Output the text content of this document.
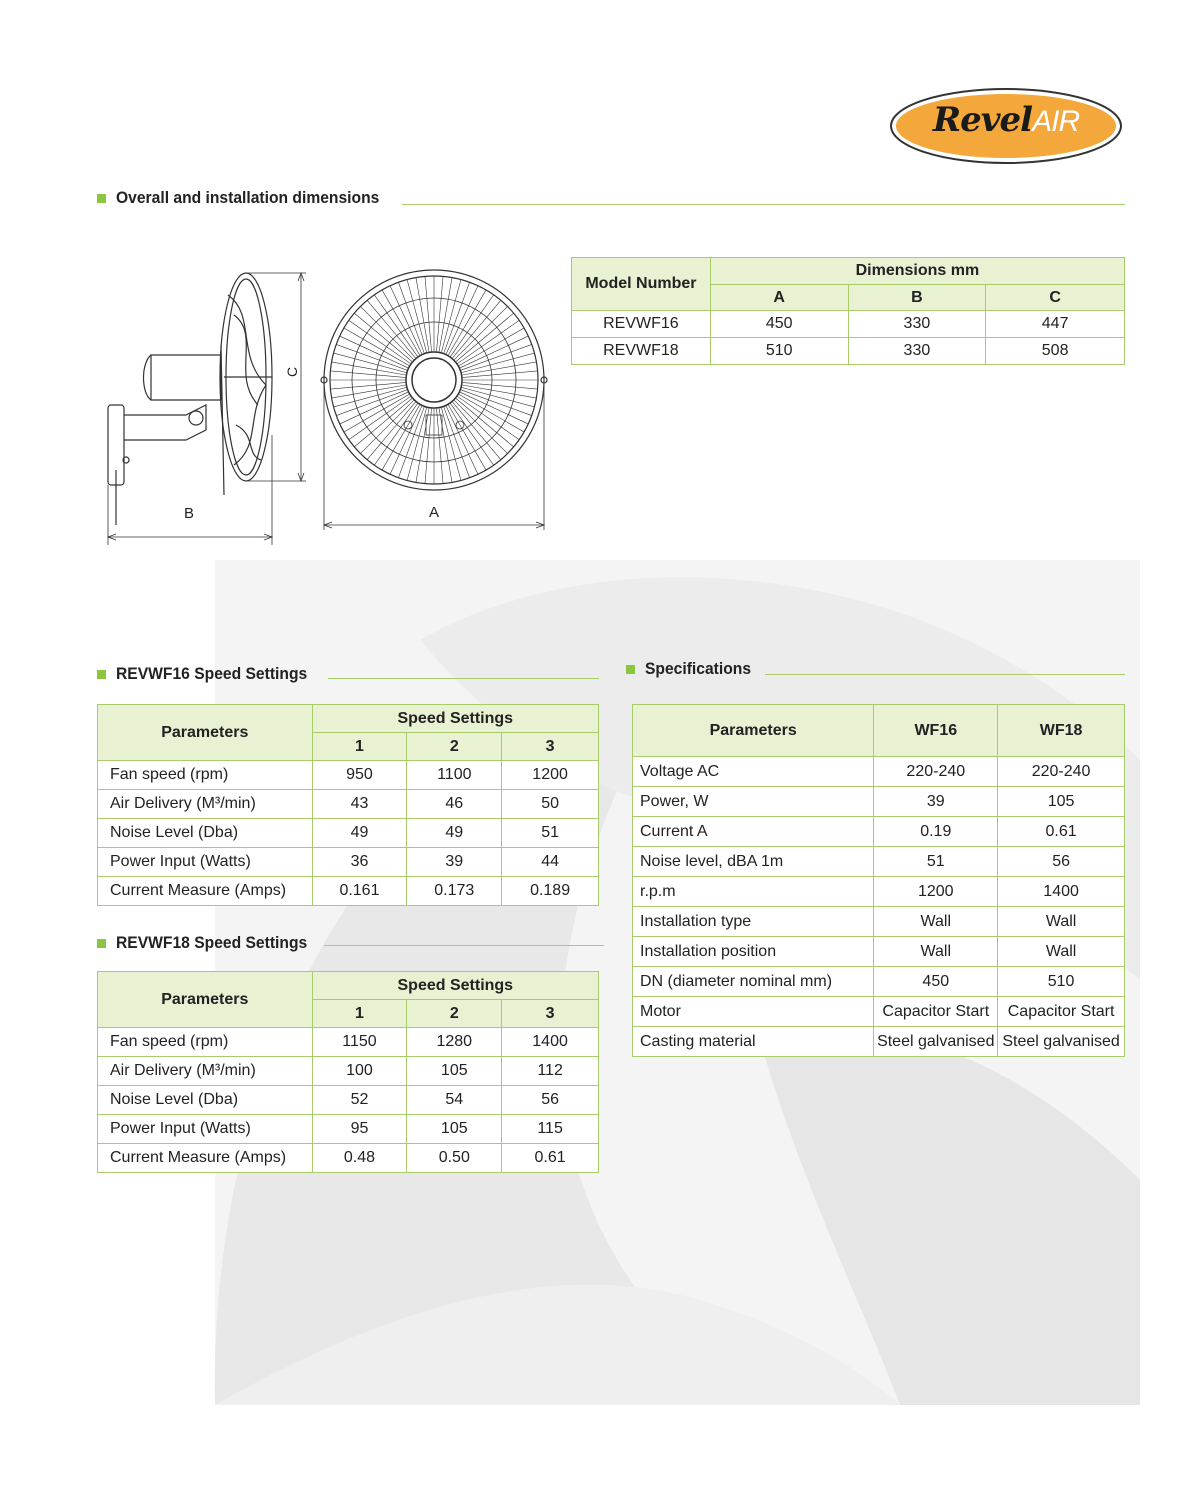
RevelAIR
Overall and installation dimensions
C
B	A
Model Number	Dimensions mm		
	A	B	C
REVWF16	450	330	447
REVWF18	510	330	508
REVWF16 Speed Settings
Parameters	Speed Settings		
	1	2	3
Fan speed (rpm)	950	1100	1200
Air Delivery (M³/min)	43	46	50
Noise Level (Dba)	49	49	51
Power Input (Watts)	36	39	44
Current Measure (Amps)	0.161	0.173	0.189
REVWF18 Speed Settings
Parameters	Speed Settings		
	1	2	3
Fan speed (rpm)	1150	1280	1400
Air Delivery (M³/min)	100	105	112
Noise Level (Dba)	52	54	56
Power Input (Watts)	95	105	115
Current Measure (Amps)	0.48	0.50	0.61
Specifications
Parameters	WF16	WF18
Voltage AC	220-240	220-240
Power, W	39	105
Current A	0.19	0.61
Noise level, dBA 1m	51	56
r.p.m	1200	1400
Installation type	Wall	Wall
Installation position	Wall	Wall
DN (diameter nominal mm)	450	510
Motor	Capacitor Start	Capacitor Start
Casting material	Steel galvanised	Steel galvanised
